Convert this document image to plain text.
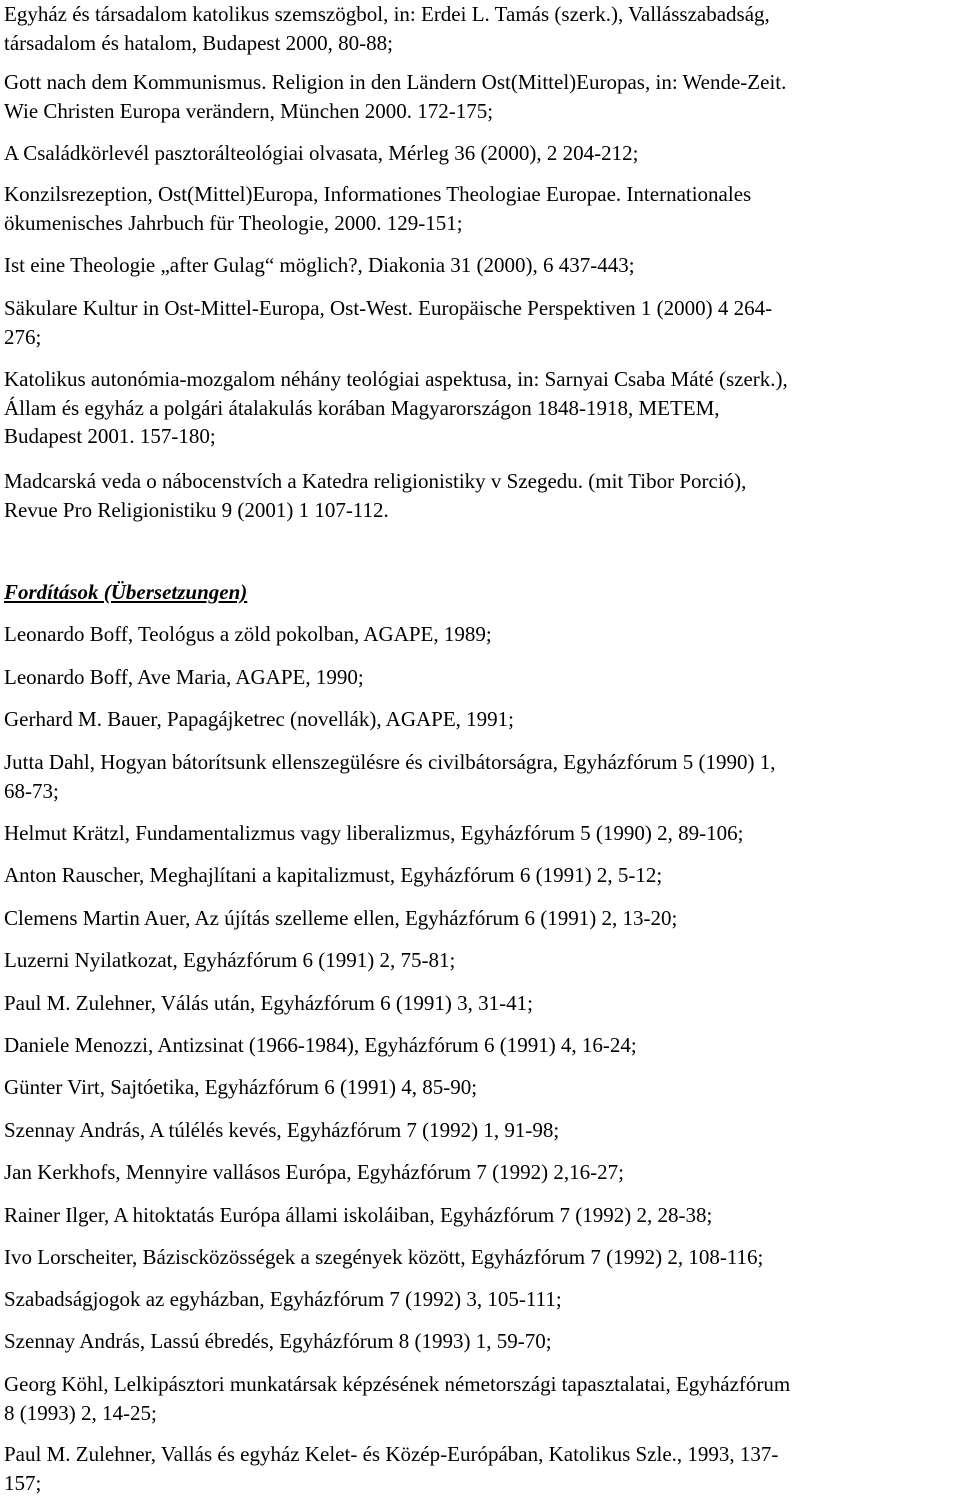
Egyház és társadalom katolikus szemszögbol, in: Erdei L. Tamás (szerk.), Vallásszabadság,
társadalom és hatalom, Budapest 2000, 80-88;

Gott nach dem Kommunismus. Religion in den Ländern Ost(Mittel)Europas, in: Wende-Zeit.
Wie Christen Europa verändern, München 2000. 172-175;

A Családkörlevél pasztorálteológiai olvasata, Mérleg 36 (2000), 2 204-212;

Konzilsrezeption, Ost(Mittel)Europa, Informationes Theologiae Europae. Internationales
ökumenisches Jahrbuch für Theologie, 2000. 129-151;

Ist eine Theologie „after Gulag“ möglich?, Diakonia 31 (2000), 6 437-443;

Säkulare Kultur in Ost-Mittel-Europa, Ost-West. Europäische Perspektiven 1 (2000) 4 264-
276;

Katolikus autonómia-mozgalom néhány teológiai aspektusa, in: Sarnyai Csaba Máté (szerk.),
Állam és egyház a polgári átalakulás korában Magyarországon 1848-1918, METEM,
Budapest 2001. 157-180;

Madcarská veda o nábocenstvích a Katedra religionistiky v Szegedu. (mit Tibor Porció),
Revue Pro Religionistiku 9 (2001) 1 107-112.

Fordítások (Übersetzungen)

Leonardo Boff, Teológus a zöld pokolban, AGAPE, 1989;

Leonardo Boff, Ave Maria, AGAPE, 1990;

Gerhard M. Bauer, Papagájketrec (novellák), AGAPE, 1991;

Jutta Dahl, Hogyan bátorítsunk ellenszegülésre és civilbátorságra, Egyházfórum 5 (1990) 1,
68-73;

Helmut Krätzl, Fundamentalizmus vagy liberalizmus, Egyházfórum 5 (1990) 2, 89-106;

Anton Rauscher, Meghajlítani a kapitalizmust, Egyházfórum 6 (1991) 2, 5-12;

Clemens Martin Auer, Az újítás szelleme ellen, Egyházfórum 6 (1991) 2, 13-20;

Luzerni Nyilatkozat, Egyházfórum 6 (1991) 2, 75-81;

Paul M. Zulehner, Válás után, Egyházfórum 6 (1991) 3, 31-41;

Daniele Menozzi, Antizsinat (1966-1984), Egyházfórum 6 (1991) 4, 16-24;

Günter Virt, Sajtóetika, Egyházfórum 6 (1991) 4, 85-90;

Szennay András, A túlélés kevés, Egyházfórum 7 (1992) 1, 91-98;

Jan Kerkhofs, Mennyire vallásos Európa, Egyházfórum 7 (1992) 2,16-27;

Rainer Ilger, A hitoktatás Európa állami iskoláiban, Egyházfórum 7 (1992) 2, 28-38;

Ivo Lorscheiter, Báziscközösségek a szegények között, Egyházfórum 7 (1992) 2, 108-116;

Szabadságjogok az egyházban, Egyházfórum 7 (1992) 3, 105-111;

Szennay András, Lassú ébredés, Egyházfórum 8 (1993) 1, 59-70;

Georg Köhl, Lelkipásztori munkatársak képzésének németországi tapasztalatai, Egyházfórum
8 (1993) 2, 14-25;

Paul M. Zulehner, Vallás és egyház Kelet- és Közép-Európában, Katolikus Szle., 1993, 137-
157;
